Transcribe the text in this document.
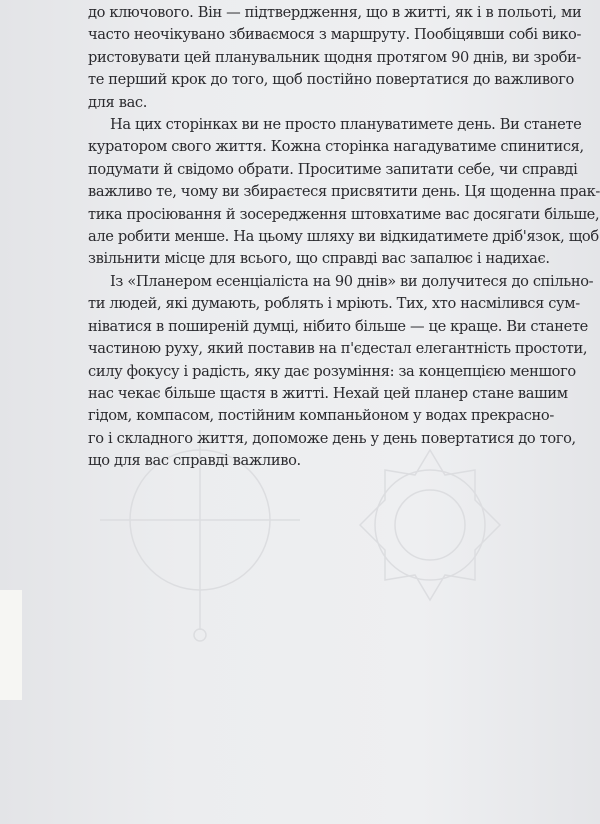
до ключового. Він — підтвердження, що в житті, як і в польоті, ми
часто неочікувано збиваємося з маршруту. Пообіцявши собі вико-
ристовувати цей планувальник щодня протягом 90 днів, ви зроби-
те перший крок до того, щоб постійно повертатися до важливого
для вас.
На цих сторінках ви не просто плануватимете день. Ви станете
куратором свого життя. Кожна сторінка нагадуватиме спинитися,
подумати й свідомо обрати. Проситиме запитати себе, чи справді
важливо те, чому ви збираєтеся присвятити день. Ця щоденна прак-
тика просіювання й зосередження штовхатиме вас досягати більше,
але робити менше. На цьому шляху ви відкидатимете дріб'язок, щоб
звільнити місце для всього, що справді вас запалює і надихає.
Із «Планером есенціаліста на 90 днів» ви долучитеся до спільно-
ти людей, які думають, роблять і мріють. Тих, хто насмілився сум-
ніватися в поширеній думці, нібито більше — це краще. Ви станете
частиною руху, який поставив на п'єдестал елегантність простоти,
силу фокусу і радість, яку дає розуміння: за концепцією меншого
нас чекає більше щастя в житті. Нехай цей планер стане вашим
гідом, компасом, постійним компаньйоном у водах прекрасно-
го і складного життя, допоможе день у день повертатися до того,
що для вас справді важливо.
